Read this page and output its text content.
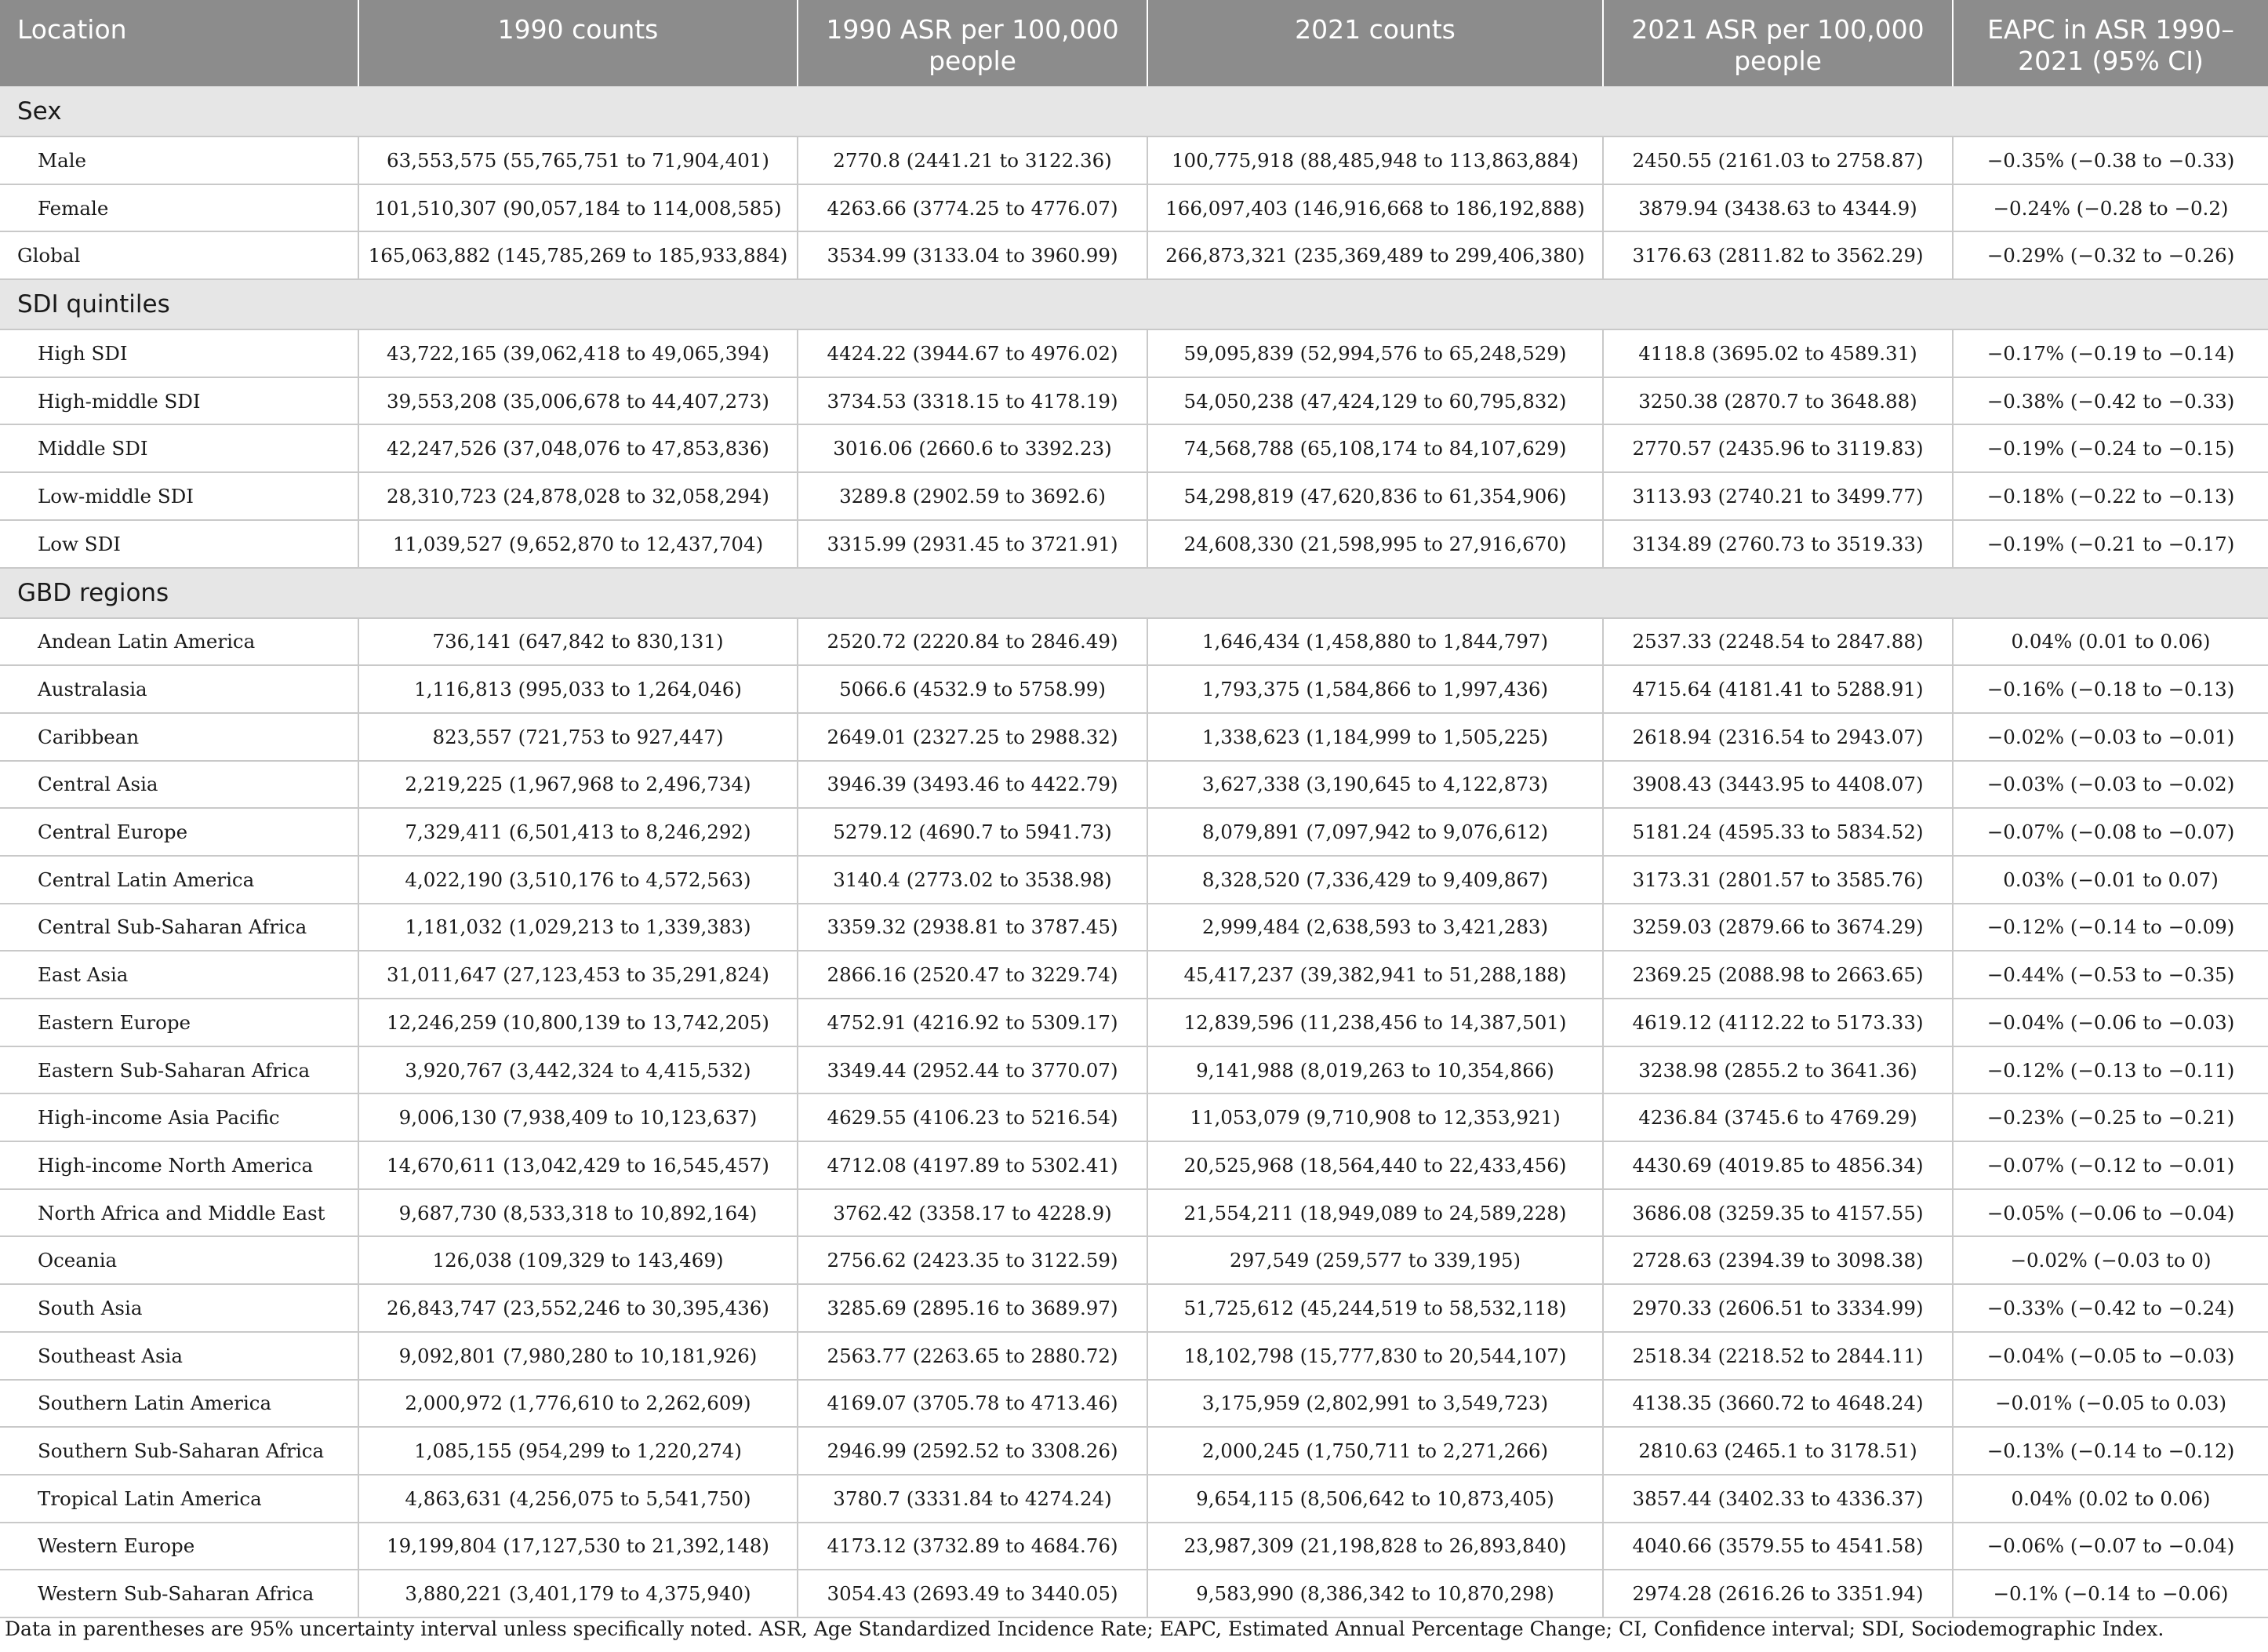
Location	1990 counts	1990 ASR per 100,000 people	2021 counts	2021 ASR per 100,000 people	EAPC in ASR 1990–2021 (95% CI)
Sex					
Male	63,553,575 (55,765,751 to 71,904,401)	2770.8 (2441.21 to 3122.36)	100,775,918 (88,485,948 to 113,863,884)	2450.55 (2161.03 to 2758.87)	−0.35% (−0.38 to −0.33)
Female	101,510,307 (90,057,184 to 114,008,585)	4263.66 (3774.25 to 4776.07)	166,097,403 (146,916,668 to 186,192,888)	3879.94 (3438.63 to 4344.9)	−0.24% (−0.28 to −0.2)
Global	165,063,882 (145,785,269 to 185,933,884)	3534.99 (3133.04 to 3960.99)	266,873,321 (235,369,489 to 299,406,380)	3176.63 (2811.82 to 3562.29)	−0.29% (−0.32 to −0.26)
SDI quintiles					
High SDI	43,722,165 (39,062,418 to 49,065,394)	4424.22 (3944.67 to 4976.02)	59,095,839 (52,994,576 to 65,248,529)	4118.8 (3695.02 to 4589.31)	−0.17% (−0.19 to −0.14)
High-middle SDI	39,553,208 (35,006,678 to 44,407,273)	3734.53 (3318.15 to 4178.19)	54,050,238 (47,424,129 to 60,795,832)	3250.38 (2870.7 to 3648.88)	−0.38% (−0.42 to −0.33)
Middle SDI	42,247,526 (37,048,076 to 47,853,836)	3016.06 (2660.6 to 3392.23)	74,568,788 (65,108,174 to 84,107,629)	2770.57 (2435.96 to 3119.83)	−0.19% (−0.24 to −0.15)
Low-middle SDI	28,310,723 (24,878,028 to 32,058,294)	3289.8 (2902.59 to 3692.6)	54,298,819 (47,620,836 to 61,354,906)	3113.93 (2740.21 to 3499.77)	−0.18% (−0.22 to −0.13)
Low SDI	11,039,527 (9,652,870 to 12,437,704)	3315.99 (2931.45 to 3721.91)	24,608,330 (21,598,995 to 27,916,670)	3134.89 (2760.73 to 3519.33)	−0.19% (−0.21 to −0.17)
GBD regions					
Andean Latin America	736,141 (647,842 to 830,131)	2520.72 (2220.84 to 2846.49)	1,646,434 (1,458,880 to 1,844,797)	2537.33 (2248.54 to 2847.88)	0.04% (0.01 to 0.06)
Australasia	1,116,813 (995,033 to 1,264,046)	5066.6 (4532.9 to 5758.99)	1,793,375 (1,584,866 to 1,997,436)	4715.64 (4181.41 to 5288.91)	−0.16% (−0.18 to −0.13)
Caribbean	823,557 (721,753 to 927,447)	2649.01 (2327.25 to 2988.32)	1,338,623 (1,184,999 to 1,505,225)	2618.94 (2316.54 to 2943.07)	−0.02% (−0.03 to −0.01)
Central Asia	2,219,225 (1,967,968 to 2,496,734)	3946.39 (3493.46 to 4422.79)	3,627,338 (3,190,645 to 4,122,873)	3908.43 (3443.95 to 4408.07)	−0.03% (−0.03 to −0.02)
Central Europe	7,329,411 (6,501,413 to 8,246,292)	5279.12 (4690.7 to 5941.73)	8,079,891 (7,097,942 to 9,076,612)	5181.24 (4595.33 to 5834.52)	−0.07% (−0.08 to −0.07)
Central Latin America	4,022,190 (3,510,176 to 4,572,563)	3140.4 (2773.02 to 3538.98)	8,328,520 (7,336,429 to 9,409,867)	3173.31 (2801.57 to 3585.76)	0.03% (−0.01 to 0.07)
Central Sub-Saharan Africa	1,181,032 (1,029,213 to 1,339,383)	3359.32 (2938.81 to 3787.45)	2,999,484 (2,638,593 to 3,421,283)	3259.03 (2879.66 to 3674.29)	−0.12% (−0.14 to −0.09)
East Asia	31,011,647 (27,123,453 to 35,291,824)	2866.16 (2520.47 to 3229.74)	45,417,237 (39,382,941 to 51,288,188)	2369.25 (2088.98 to 2663.65)	−0.44% (−0.53 to −0.35)
Eastern Europe	12,246,259 (10,800,139 to 13,742,205)	4752.91 (4216.92 to 5309.17)	12,839,596 (11,238,456 to 14,387,501)	4619.12 (4112.22 to 5173.33)	−0.04% (−0.06 to −0.03)
Eastern Sub-Saharan Africa	3,920,767 (3,442,324 to 4,415,532)	3349.44 (2952.44 to 3770.07)	9,141,988 (8,019,263 to 10,354,866)	3238.98 (2855.2 to 3641.36)	−0.12% (−0.13 to −0.11)
High-income Asia Pacific	9,006,130 (7,938,409 to 10,123,637)	4629.55 (4106.23 to 5216.54)	11,053,079 (9,710,908 to 12,353,921)	4236.84 (3745.6 to 4769.29)	−0.23% (−0.25 to −0.21)
High-income North America	14,670,611 (13,042,429 to 16,545,457)	4712.08 (4197.89 to 5302.41)	20,525,968 (18,564,440 to 22,433,456)	4430.69 (4019.85 to 4856.34)	−0.07% (−0.12 to −0.01)
North Africa and Middle East	9,687,730 (8,533,318 to 10,892,164)	3762.42 (3358.17 to 4228.9)	21,554,211 (18,949,089 to 24,589,228)	3686.08 (3259.35 to 4157.55)	−0.05% (−0.06 to −0.04)
Oceania	126,038 (109,329 to 143,469)	2756.62 (2423.35 to 3122.59)	297,549 (259,577 to 339,195)	2728.63 (2394.39 to 3098.38)	−0.02% (−0.03 to 0)
South Asia	26,843,747 (23,552,246 to 30,395,436)	3285.69 (2895.16 to 3689.97)	51,725,612 (45,244,519 to 58,532,118)	2970.33 (2606.51 to 3334.99)	−0.33% (−0.42 to −0.24)
Southeast Asia	9,092,801 (7,980,280 to 10,181,926)	2563.77 (2263.65 to 2880.72)	18,102,798 (15,777,830 to 20,544,107)	2518.34 (2218.52 to 2844.11)	−0.04% (−0.05 to −0.03)
Southern Latin America	2,000,972 (1,776,610 to 2,262,609)	4169.07 (3705.78 to 4713.46)	3,175,959 (2,802,991 to 3,549,723)	4138.35 (3660.72 to 4648.24)	−0.01% (−0.05 to 0.03)
Southern Sub-Saharan Africa	1,085,155 (954,299 to 1,220,274)	2946.99 (2592.52 to 3308.26)	2,000,245 (1,750,711 to 2,271,266)	2810.63 (2465.1 to 3178.51)	−0.13% (−0.14 to −0.12)
Tropical Latin America	4,863,631 (4,256,075 to 5,541,750)	3780.7 (3331.84 to 4274.24)	9,654,115 (8,506,642 to 10,873,405)	3857.44 (3402.33 to 4336.37)	0.04% (0.02 to 0.06)
Western Europe	19,199,804 (17,127,530 to 21,392,148)	4173.12 (3732.89 to 4684.76)	23,987,309 (21,198,828 to 26,893,840)	4040.66 (3579.55 to 4541.58)	−0.06% (−0.07 to −0.04)
Western Sub-Saharan Africa	3,880,221 (3,401,179 to 4,375,940)	3054.43 (2693.49 to 3440.05)	9,583,990 (8,386,342 to 10,870,298)	2974.28 (2616.26 to 3351.94)	−0.1% (−0.14 to −0.06)
Data in parentheses are 95% uncertainty interval unless specifically noted. ASR, Age Standardized Incidence Rate; EAPC, Estimated Annual Percentage Change; CI, Confidence interval; SDI, Sociodemographic Index.
